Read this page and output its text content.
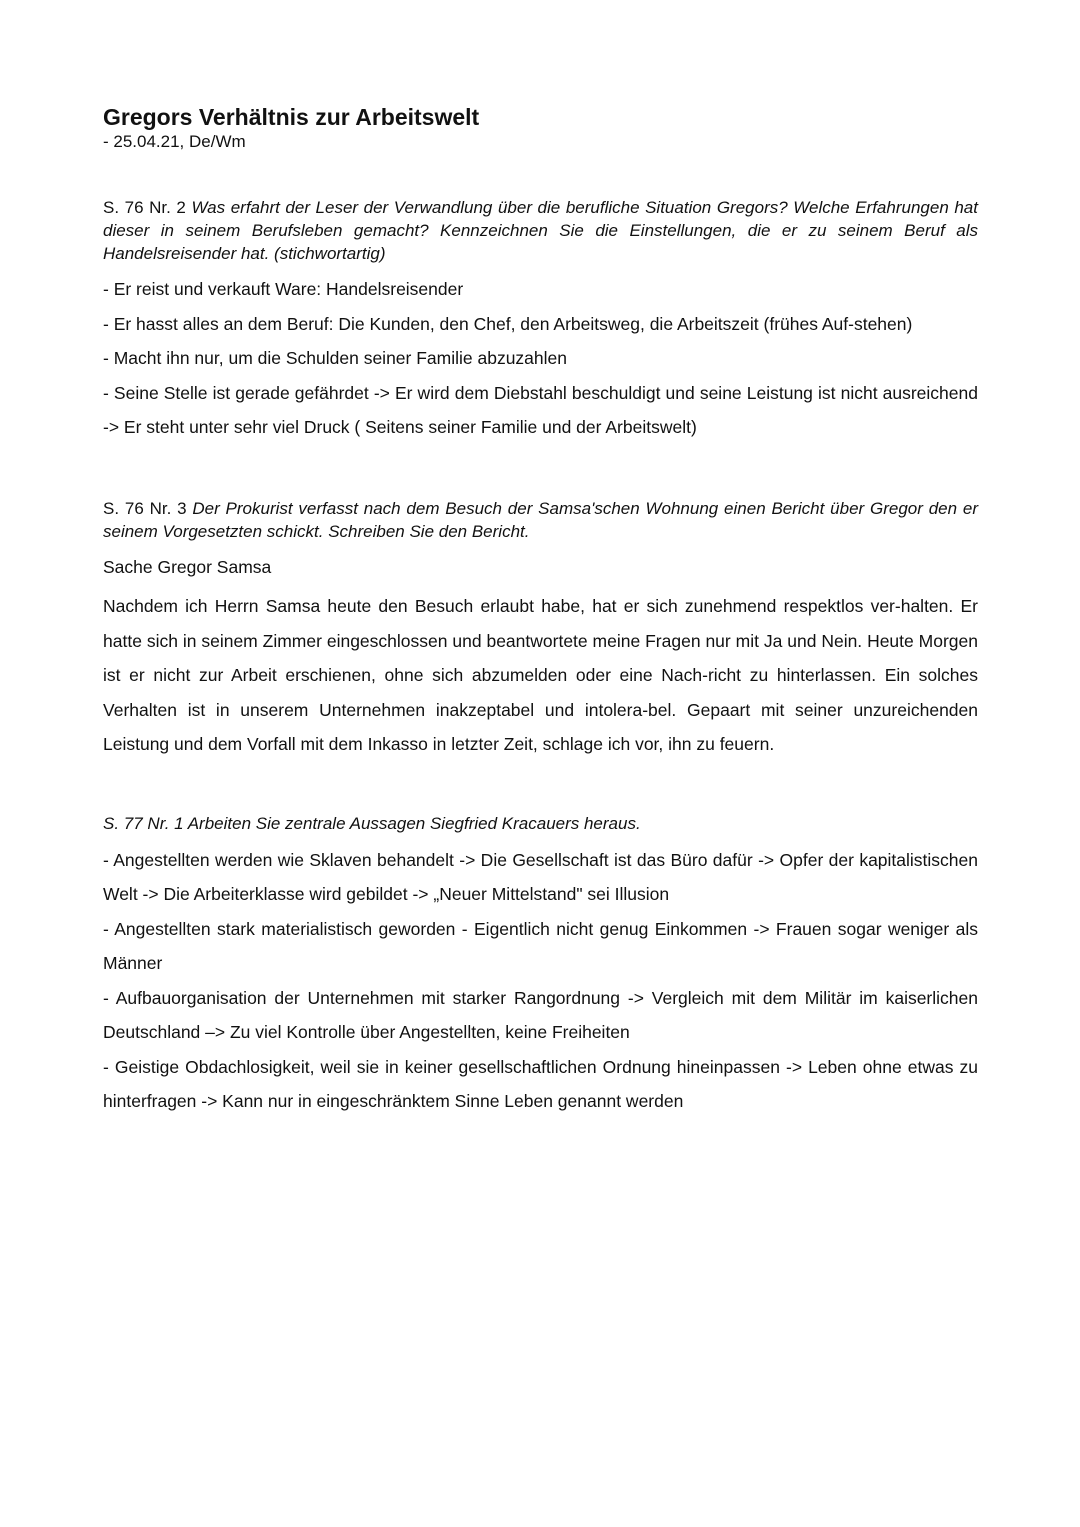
Gregors Verhältnis zur Arbeitswelt

- 25.04.21, De/Wm

S. 76 Nr. 2 Was erfahrt der Leser der Verwandlung über die berufliche Situation Gregors? Welche Erfahrungen hat dieser in seinem Berufsleben gemacht? Kennzeichnen Sie die Einstellungen, die er zu seinem Beruf als Handelsreisender hat. (stichwortartig)

- Er reist und verkauft Ware: Handelsreisender
- Er hasst alles an dem Beruf: Die Kunden, den Chef, den Arbeitsweg, die Arbeitszeit (frühes Auf-stehen)
- Macht ihn nur, um die Schulden seiner Familie abzuzahlen
- Seine Stelle ist gerade gefährdet -> Er wird dem Diebstahl beschuldigt und seine Leistung ist nicht ausreichend -> Er steht unter sehr viel Druck ( Seitens seiner Familie und der Arbeitswelt)

S. 76 Nr. 3 Der Prokurist verfasst nach dem Besuch der Samsa'schen Wohnung einen Bericht über Gregor den er seinem Vorgesetzten schickt. Schreiben Sie den Bericht.

Sache Gregor Samsa

Nachdem ich Herrn Samsa heute den Besuch erlaubt habe, hat er sich zunehmend respektlos ver-halten. Er hatte sich in seinem Zimmer eingeschlossen und beantwortete meine Fragen nur mit Ja und Nein. Heute Morgen ist er nicht zur Arbeit erschienen, ohne sich abzumelden oder eine Nach-richt zu hinterlassen. Ein solches Verhalten ist in unserem Unternehmen inakzeptabel und intolera-bel. Gepaart mit seiner unzureichenden Leistung und dem Vorfall mit dem Inkasso in letzter Zeit, schlage ich vor, ihn zu feuern.

S. 77 Nr. 1 Arbeiten Sie zentrale Aussagen Siegfried Kracauers heraus.

- Angestellten werden wie Sklaven behandelt -> Die Gesellschaft ist das Büro dafür -> Opfer der kapitalistischen Welt -> Die Arbeiterklasse wird gebildet -> „Neuer Mittelstand" sei Illusion
- Angestellten stark materialistisch geworden - Eigentlich nicht genug Einkommen -> Frauen sogar weniger als Männer
- Aufbauorganisation der Unternehmen mit starker Rangordnung -> Vergleich mit dem Militär im kaiserlichen Deutschland –> Zu viel Kontrolle über Angestellten, keine Freiheiten
- Geistige Obdachlosigkeit, weil sie in keiner gesellschaftlichen Ordnung hineinpassen -> Leben ohne etwas zu hinterfragen -> Kann nur in eingeschränktem Sinne Leben genannt werden
